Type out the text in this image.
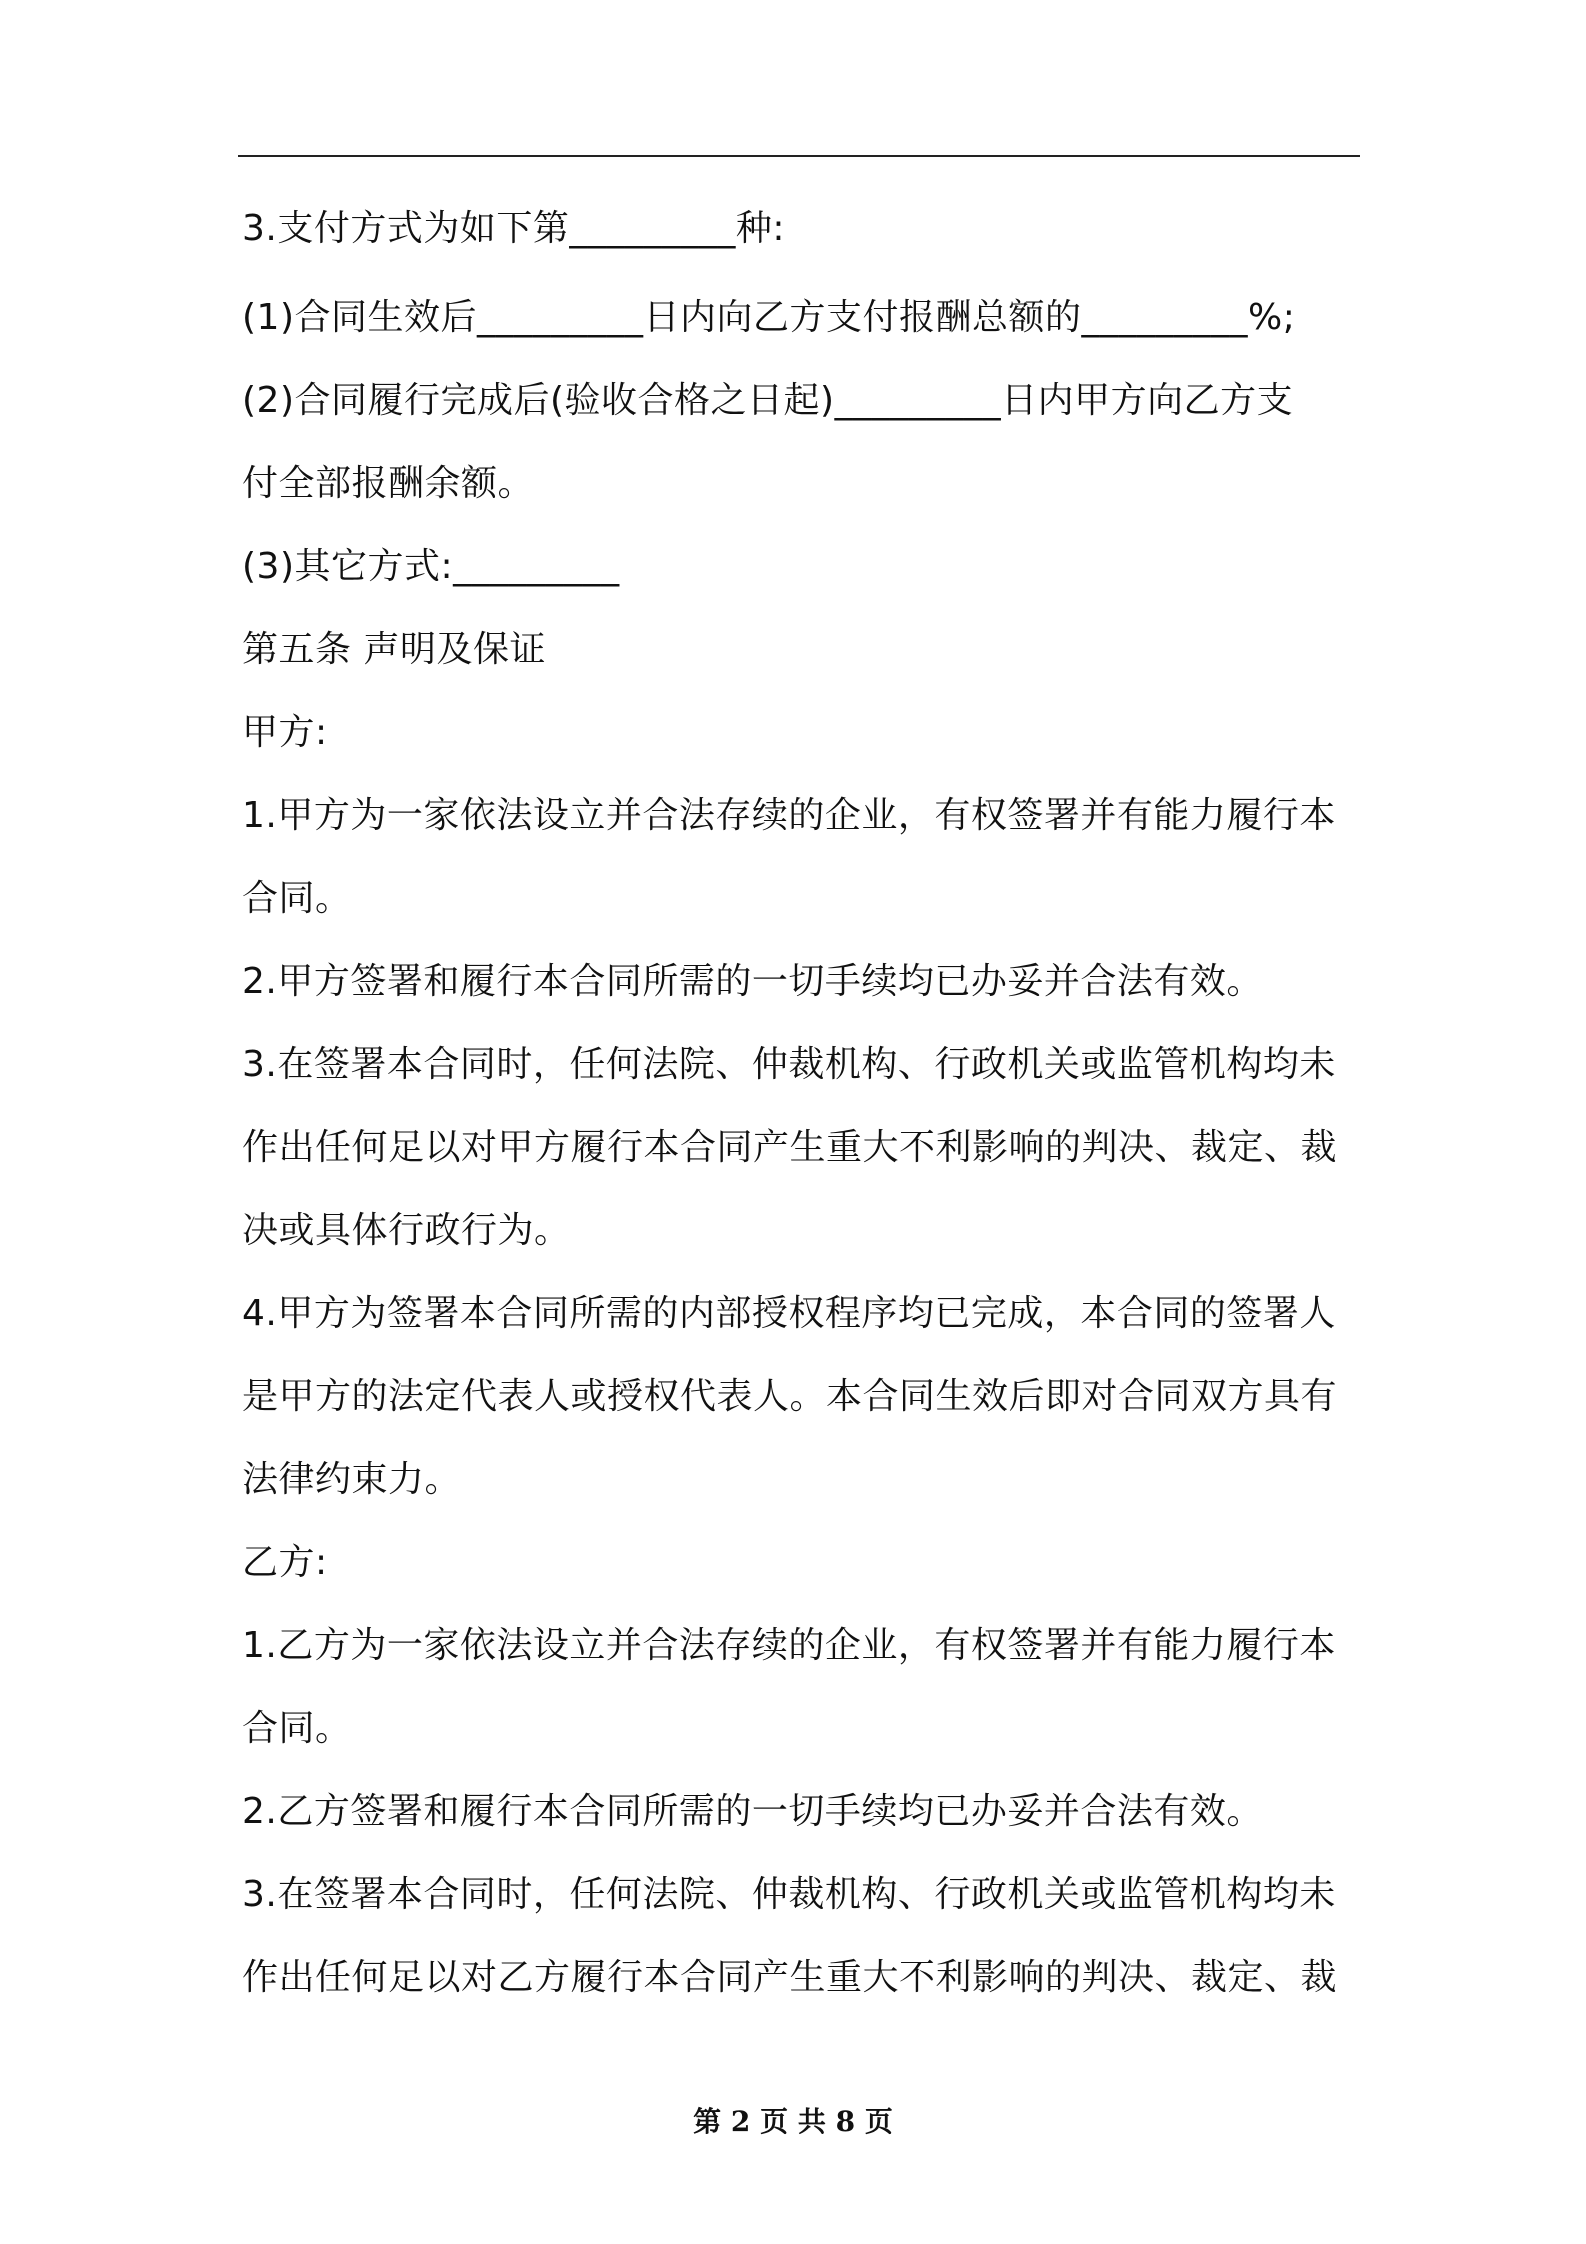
3.支付方式为如下第_________种:
(1)合同生效后_________日内向乙方支付报酬总额的_________%;
(2)合同履行完成后(验收合格之日起)_________日内甲方向乙方支
付全部报酬余额。
(3)其它方式:_________
第五条 声明及保证
甲方:
1.甲方为一家依法设立并合法存续的企业，有权签署并有能力履行本
合同。
2.甲方签署和履行本合同所需的一切手续均已办妥并合法有效。
3.在签署本合同时，任何法院、仲裁机构、行政机关或监管机构均未
作出任何足以对甲方履行本合同产生重大不利影响的判决、裁定、裁
决或具体行政行为。
4.甲方为签署本合同所需的内部授权程序均已完成，本合同的签署人
是甲方的法定代表人或授权代表人。本合同生效后即对合同双方具有
法律约束力。
乙方:
1.乙方为一家依法设立并合法存续的企业，有权签署并有能力履行本
合同。
2.乙方签署和履行本合同所需的一切手续均已办妥并合法有效。
3.在签署本合同时，任何法院、仲裁机构、行政机关或监管机构均未
作出任何足以对乙方履行本合同产生重大不利影响的判决、裁定、裁
第 2 页 共 8 页
